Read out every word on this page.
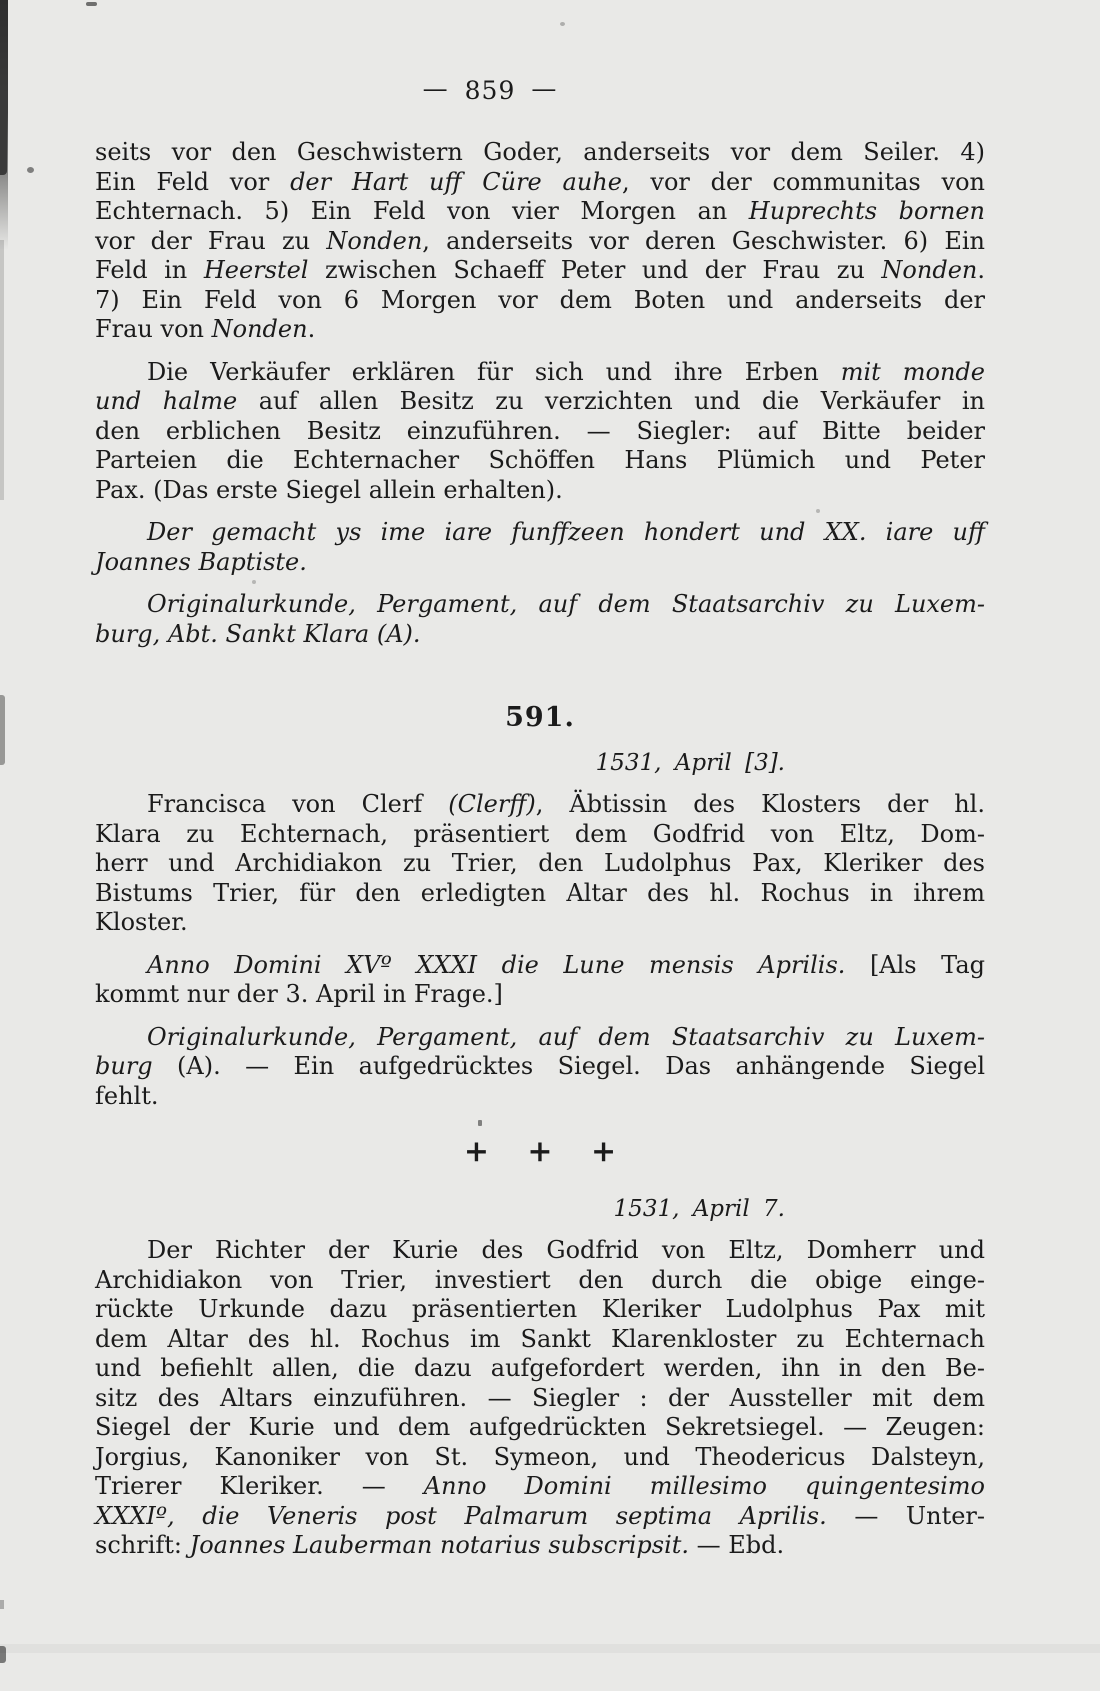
— 859 —
seits vor den Geschwistern Goder, anderseits vor dem Seiler. 4)
Ein Feld vor der Hart uff Cüre auhe, vor der communitas von
Echternach. 5) Ein Feld von vier Morgen an Huprechts bornen
vor der Frau zu Nonden, anderseits vor deren Geschwister. 6) Ein
Feld in Heerstel zwischen Schaeff Peter und der Frau zu Nonden.
7) Ein Feld von 6 Morgen vor dem Boten und anderseits der
Frau von Nonden.
Die Verkäufer erklären für sich und ihre Erben mit monde
und halme auf allen Besitz zu verzichten und die Verkäufer in
den erblichen Besitz einzuführen. — Siegler: auf Bitte beider
Parteien die Echternacher Schöffen Hans Plümich und Peter
Pax. (Das erste Siegel allein erhalten).
Der gemacht ys ime iare funffzeen hondert und XX. iare uff
Joannes Baptiste.
Originalurkunde, Pergament, auf dem Staatsarchiv zu Luxem-
burg, Abt. Sankt Klara (A).
591.
1531, April [3].
Francisca von Clerf (Clerff), Äbtissin des Klosters der hl.
Klara zu Echternach, präsentiert dem Godfrid von Eltz, Dom-
herr und Archidiakon zu Trier, den Ludolphus Pax, Kleriker des
Bistums Trier, für den erledigten Altar des hl. Rochus in ihrem
Kloster.
Anno Domini XVº XXXI die Lune mensis Aprilis. [Als Tag
kommt nur der 3. April in Frage.]
Originalurkunde, Pergament, auf dem Staatsarchiv zu Luxem-
burg (A). — Ein aufgedrücktes Siegel. Das anhängende Siegel
fehlt.
+ + +
1531, April 7.
Der Richter der Kurie des Godfrid von Eltz, Domherr und
Archidiakon von Trier, investiert den durch die obige einge-
rückte Urkunde dazu präsentierten Kleriker Ludolphus Pax mit
dem Altar des hl. Rochus im Sankt Klarenkloster zu Echternach
und befiehlt allen, die dazu aufgefordert werden, ihn in den Be-
sitz des Altars einzuführen. — Siegler : der Aussteller mit dem
Siegel der Kurie und dem aufgedrückten Sekretsiegel. — Zeugen:
Jorgius, Kanoniker von St. Symeon, und Theodericus Dalsteyn,
Trierer Kleriker. — Anno Domini millesimo quingentesimo
XXXIº, die Veneris post Palmarum septima Aprilis. — Unter-
schrift: Joannes Lauberman notarius subscripsit. — Ebd.
